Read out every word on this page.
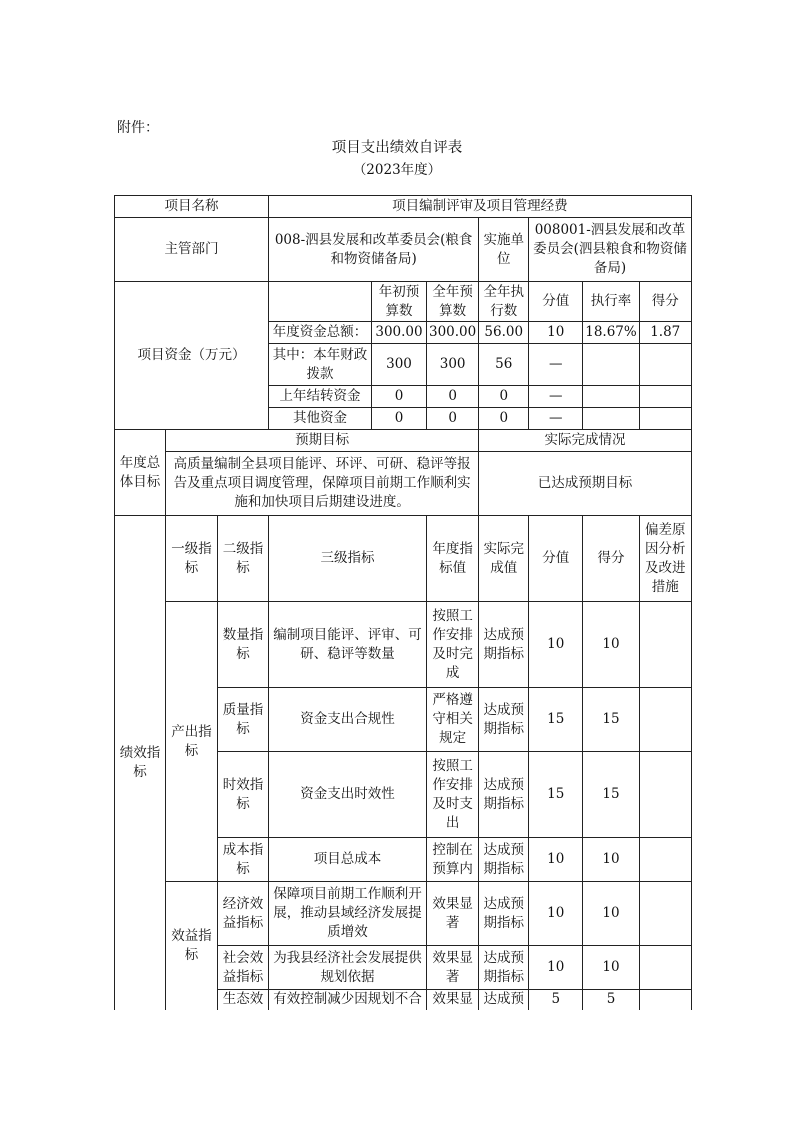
附件：
项目支出绩效自评表
（2023年度）
项目名称			项目编制评审及项目管理经费						
主管部门			008-泗县发展和改革委员会(粮食和物资储备局)			实施单位	008001-泗县发展和改革委员会(泗县粮食和物资储备局)		
项目资金（万元）				年初预算数	全年预算数	全年执行数	分值	执行率	得分
			年度资金总额：	300.00	300.00	56.00	10	18.67%	1.87
			其中：本年财政拨款	300	300	56	—		
			上年结转资金	0	0	0	—		
			其他资金	0	0	0	—		
年度总体目标	预期目标					实际完成情况			
	高质量编制全县项目能评、环评、可研、稳评等报告及重点项目调度管理，保障项目前期工作顺利实施和加快项目后期建设进度。					已达成预期目标			
绩效指标	一级指标	二级指标	三级指标		年度指标值	实际完成值	分值	得分	偏差原因分析及改进措施
	产出指标	数量指标	编制项目能评、评审、可研、稳评等数量		按照工作安排及时完成	达成预期指标	10	10	
		质量指标	资金支出合规性		严格遵守相关规定	达成预期指标	15	15	
		时效指标	资金支出时效性		按照工作安排及时支出	达成预期指标	15	15	
		成本指标	项目总成本		控制在预算内	达成预期指标	10	10	
	效益指标	经济效益指标	保障项目前期工作顺利开展，推动县域经济发展提质增效		效果显著	达成预期指标	10	10	
		社会效益指标	为我县经济社会发展提供规划依据		效果显著	达成预期指标	10	10	
		生态效	有效控制减少因规划不合		效果显	达成预	5	5	
